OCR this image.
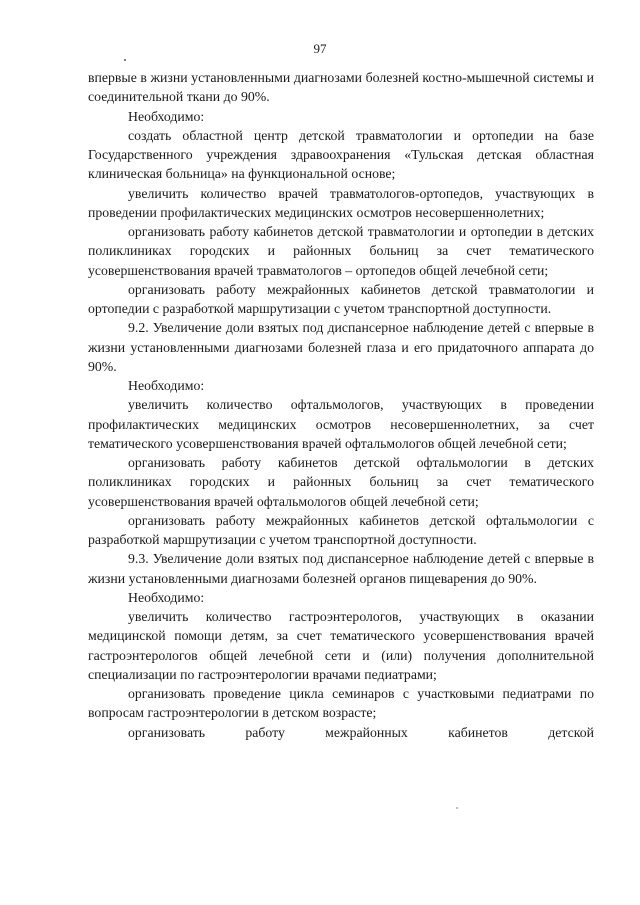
97

впервые в жизни установленными диагнозами болезней костно-мышечной системы и соединительной ткани до 90%.

Необходимо:

создать областной центр детской травматологии и ортопедии на базе Государственного учреждения здравоохранения «Тульская детская областная клиническая больница» на функциональной основе;

увеличить количество врачей травматологов-ортопедов, участвующих в проведении профилактических медицинских осмотров несовершеннолетних;

организовать работу кабинетов детской травматологии и ортопедии в детских поликлиниках городских и районных больниц за счет тематического усовершенствования врачей травматологов – ортопедов общей лечебной сети;

организовать работу межрайонных кабинетов детской травматологии и ортопедии с разработкой маршрутизации с учетом транспортной доступности.

9.2. Увеличение доли взятых под диспансерное наблюдение детей с впервые в жизни установленными диагнозами болезней глаза и его придаточного аппарата до 90%.

Необходимо:

увеличить количество офтальмологов, участвующих в проведении профилактических медицинских осмотров несовершеннолетних, за счет тематического усовершенствования врачей офтальмологов общей лечебной сети;

организовать работу кабинетов детской офтальмологии в детских поликлиниках городских и районных больниц за счет тематического усовершенствования врачей офтальмологов общей лечебной сети;

организовать работу межрайонных кабинетов детской офтальмологии с разработкой маршрутизации с учетом транспортной доступности.

9.3. Увеличение доли взятых под диспансерное наблюдение детей с впервые в жизни установленными диагнозами болезней органов пищеварения до 90%.

Необходимо:

увеличить количество гастроэнтерологов, участвующих в оказании медицинской помощи детям, за счет тематического усовершенствования врачей гастроэнтерологов общей лечебной сети и (или) получения дополнительной специализации по гастроэнтерологии врачами педиатрами;

организовать проведение цикла семинаров с участковыми педиатрами по вопросам гастроэнтерологии в детском возрасте;

организовать работу межрайонных кабинетов детской
